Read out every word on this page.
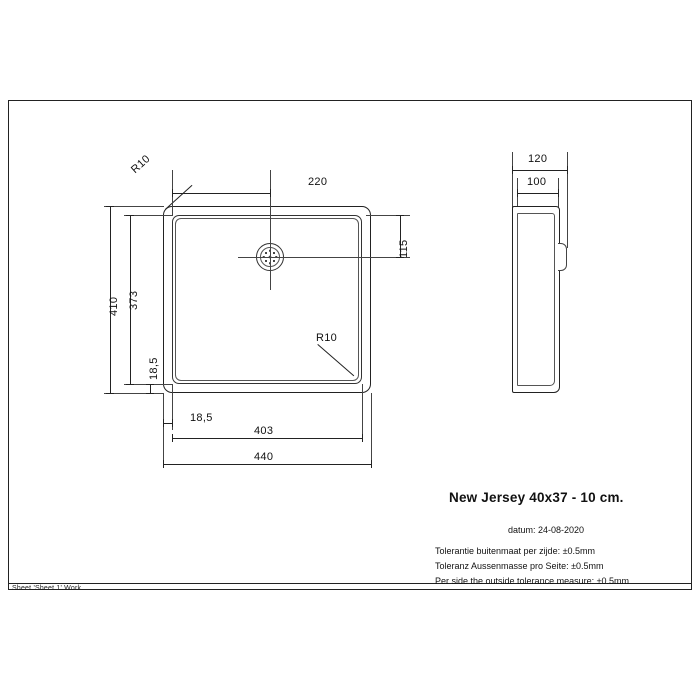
Sheet 'Sheet 1' Work
R10
R10
220
115
410 373
18,5
18,5
403
440
120
100
New Jersey 40x37 - 10 cm.
datum: 24-08-2020
Tolerantie buitenmaat per zijde: ±0.5mm
Toleranz Aussenmasse pro Seite: ±0.5mm
Per side the outside tolerance measure: ±0.5mm
